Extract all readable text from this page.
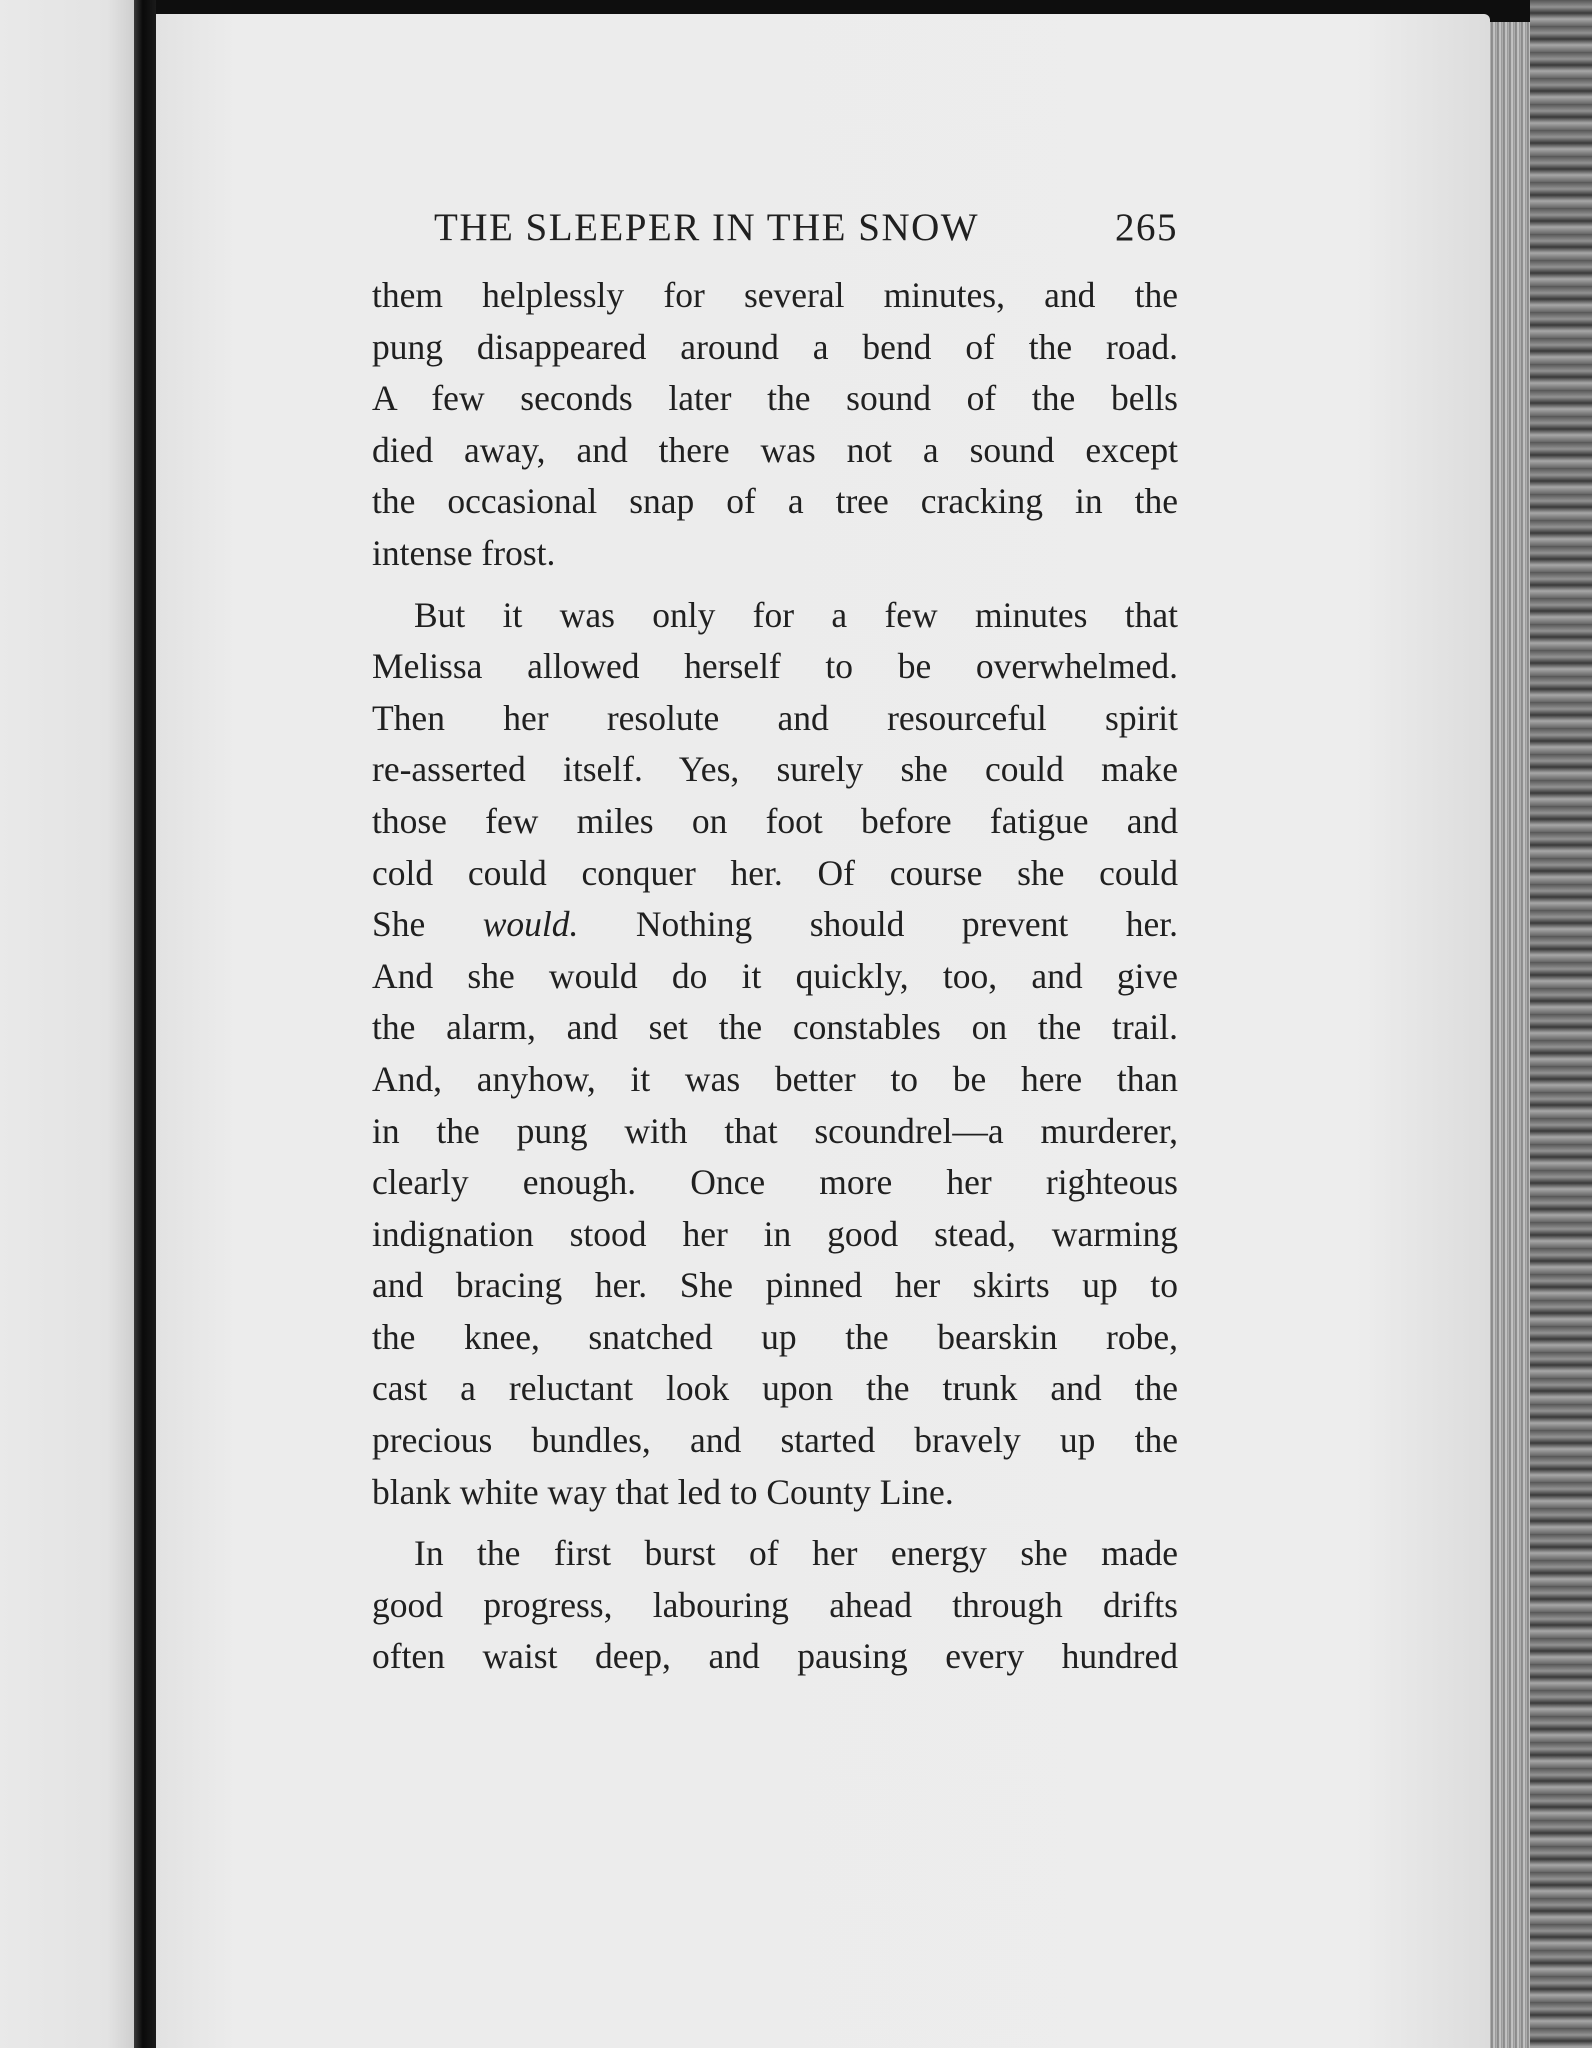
THE SLEEPER IN THE SNOW	265
them helplessly for several minutes, and the
pung disappeared around a bend of the road.
A few seconds later the sound of the bells
died away, and there was not a sound except
the occasional snap of a tree cracking in the
intense frost.
But it was only for a few minutes that
Melissa allowed herself to be overwhelmed.
Then her resolute and resourceful spirit
re-asserted itself. Yes, surely she could make
those few miles on foot before fatigue and
cold could conquer her. Of course she could
She would. Nothing should prevent her.
And she would do it quickly, too, and give
the alarm, and set the constables on the trail.
And, anyhow, it was better to be here than
in the pung with that scoundrel—a murderer,
clearly enough. Once more her righteous
indignation stood her in good stead, warming
and bracing her. She pinned her skirts up to
the knee, snatched up the bearskin robe,
cast a reluctant look upon the trunk and the
precious bundles, and started bravely up the
blank white way that led to County Line.
In the first burst of her energy she made
good progress, labouring ahead through drifts
often waist deep, and pausing every hundred
